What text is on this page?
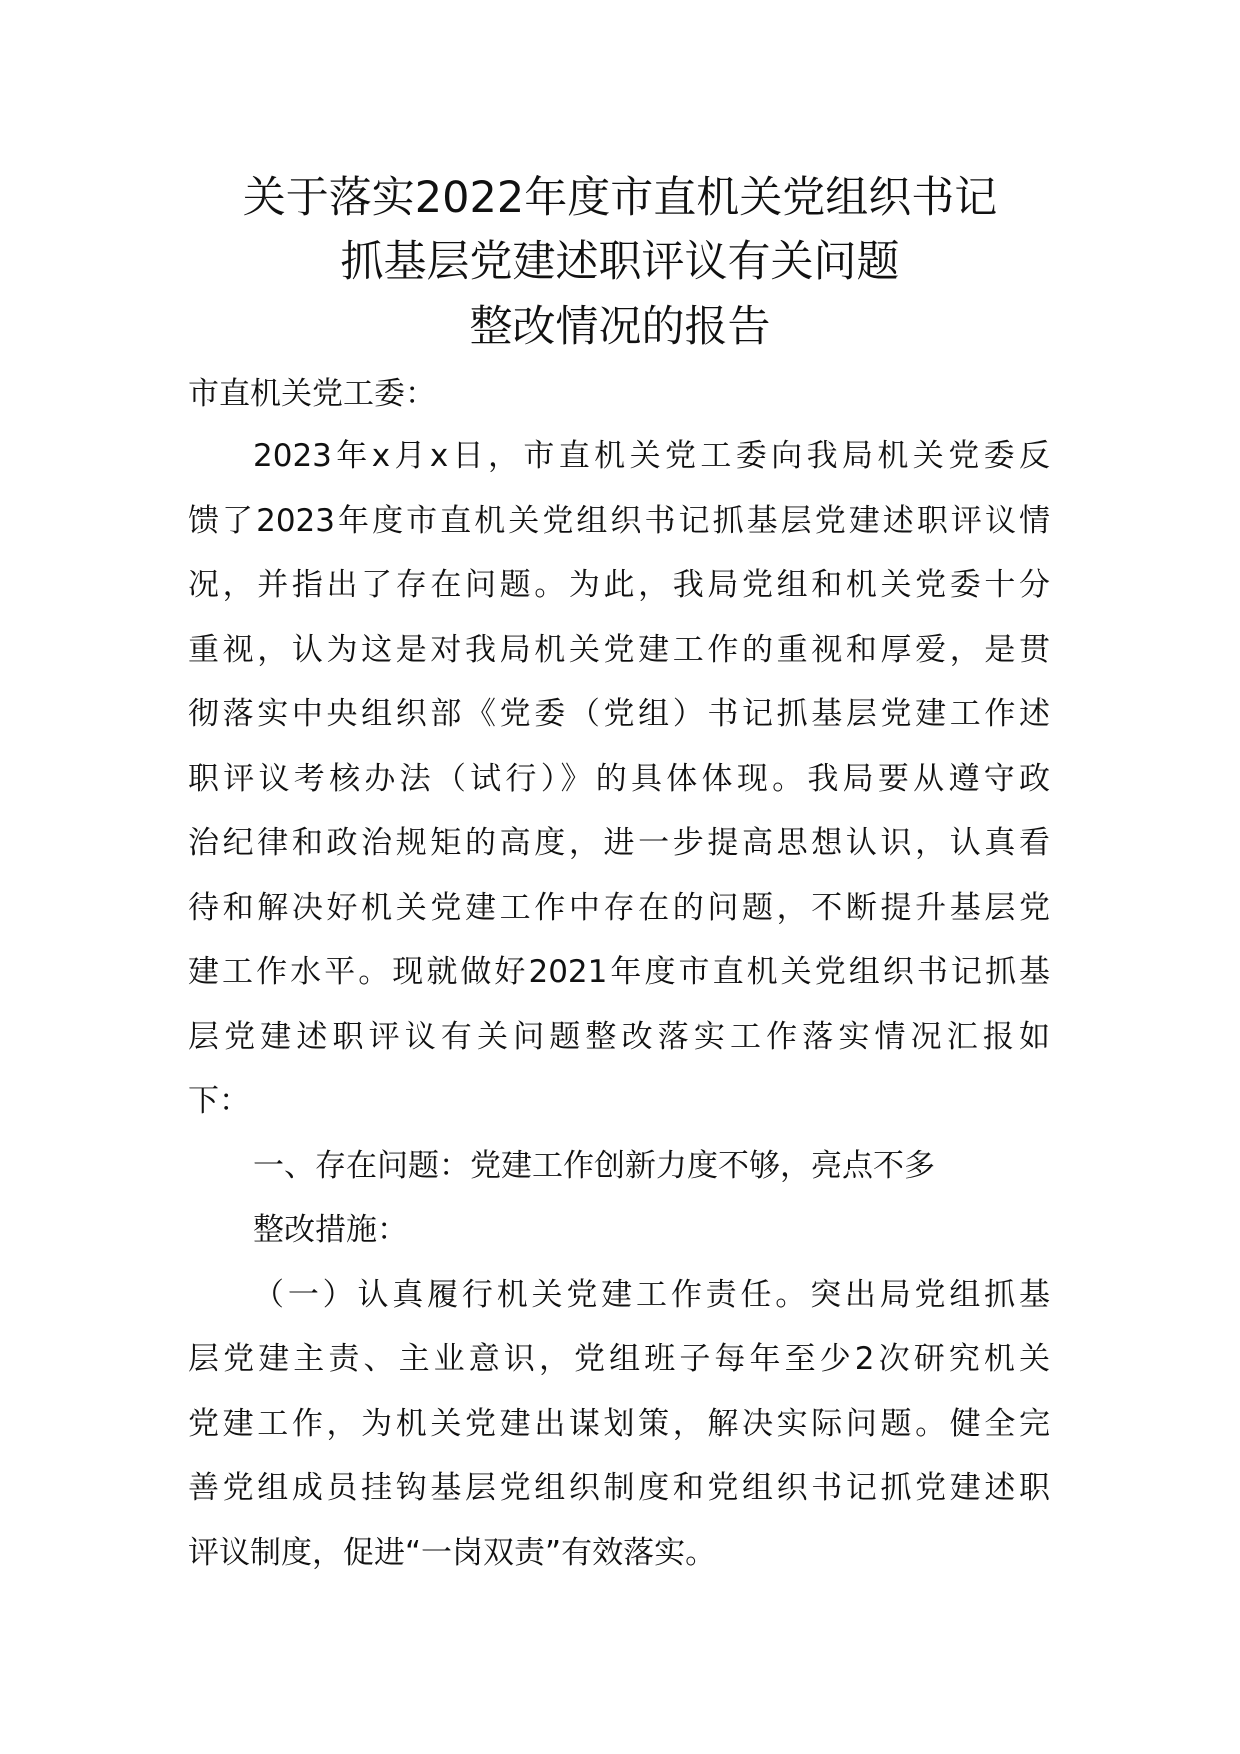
关于落实2022年度市直机关党组织书记
抓基层党建述职评议有关问题
整改情况的报告
市直机关党工委：
2023年x月x日，市直机关党工委向我局机关党委反
馈了2023年度市直机关党组织书记抓基层党建述职评议情
况，并指出了存在问题。为此，我局党组和机关党委十分
重视，认为这是对我局机关党建工作的重视和厚爱，是贯
彻落实中央组织部《党委（党组）书记抓基层党建工作述
职评议考核办法（试行）》的具体体现。我局要从遵守政
治纪律和政治规矩的高度，进一步提高思想认识，认真看
待和解决好机关党建工作中存在的问题，不断提升基层党
建工作水平。现就做好2021年度市直机关党组织书记抓基
层党建述职评议有关问题整改落实工作落实情况汇报如
下：
一、存在问题：党建工作创新力度不够，亮点不多
整改措施：
（一）认真履行机关党建工作责任。突出局党组抓基
层党建主责、主业意识，党组班子每年至少2次研究机关
党建工作，为机关党建出谋划策，解决实际问题。健全完
善党组成员挂钩基层党组织制度和党组织书记抓党建述职
评议制度，促进“一岗双责”有效落实。
